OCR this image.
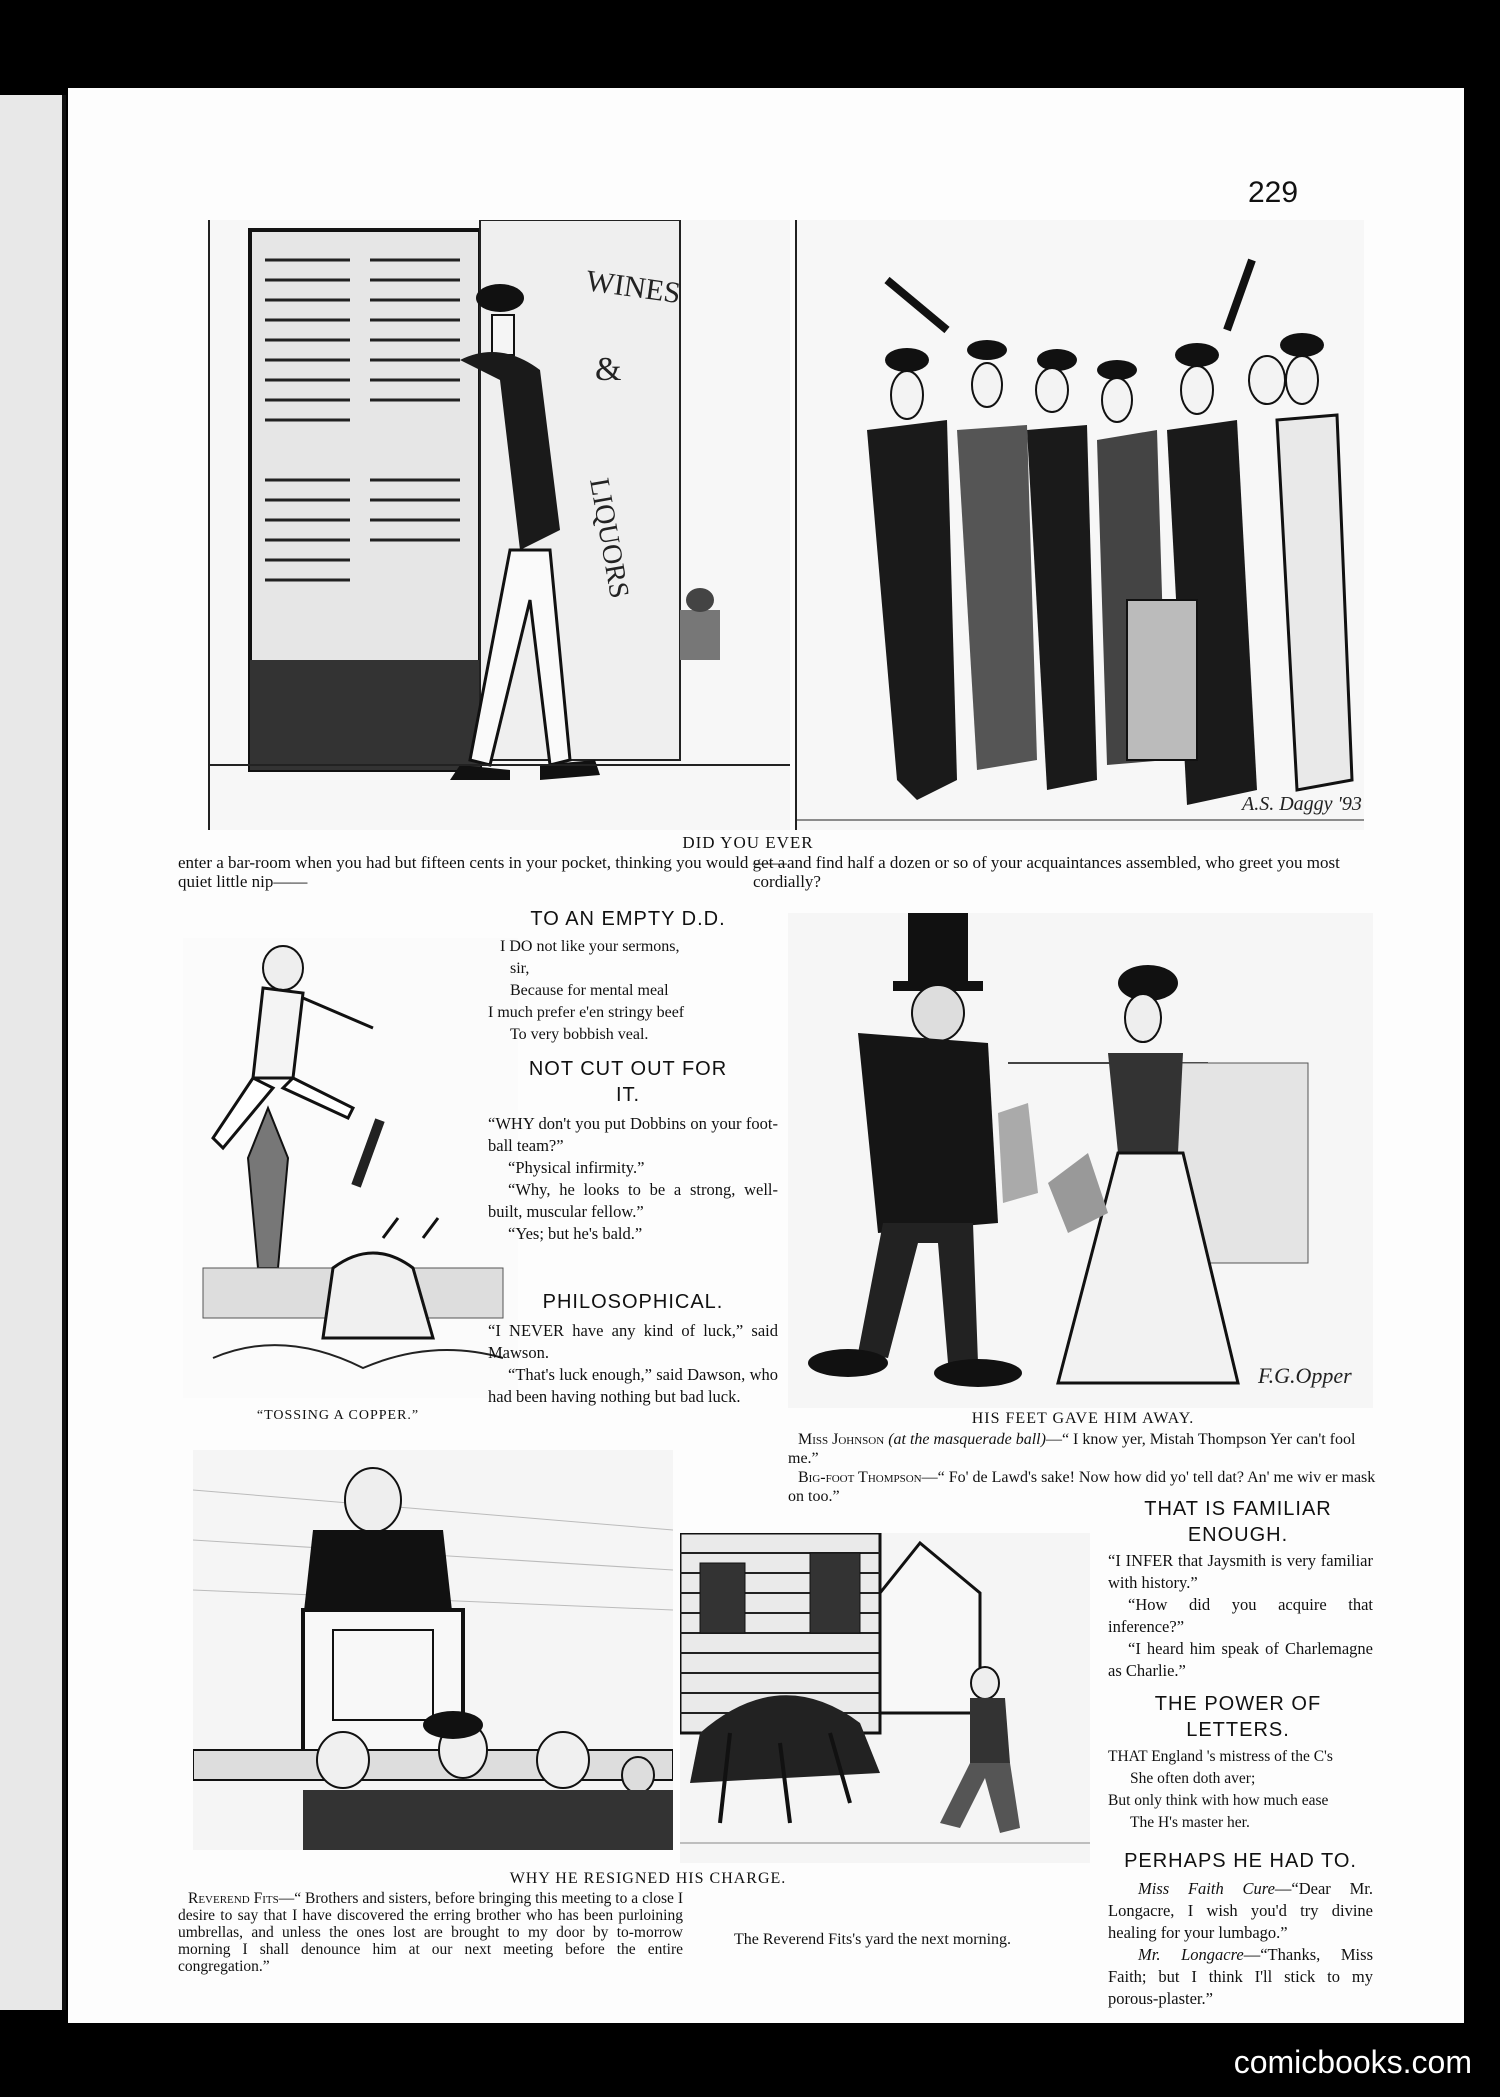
229
WINES
&
LIQUORS
A.S. Daggy '93
DID YOU EVER
enter a bar-room when you had but fifteen cents in your pocket, thinking you would get a quiet little nip——
——and find half a dozen or so of your acquaintances assembled, who greet you most cordially?
“TOSSING A COPPER.”
TO AN EMPTY D.D.
I DO not like your sermons,
sir,
Because for mental meal
I much prefer e'en stringy beef
To very bobbish veal.
NOT CUT OUT FOR IT.

“WHY don't you put Dobbins on your foot-ball team?”

“Physical infirmity.”

“Why, he looks to be a strong, well-built, muscular fellow.”

“Yes; but he's bald.”

PHILOSOPHICAL.

“I NEVER have any kind of luck,” said Mawson.

“That's luck enough,” said Dawson, who had been having nothing but bad luck.

F.G.Opper
HIS FEET GAVE HIM AWAY.
Miss Johnson (at the masquerade ball)—“ I know yer, Mistah Thompson Yer can't fool me.”
Big-foot Thompson—“ Fo' de Lawd's sake! Now how did yo' tell dat? An' me wiv er mask on too.”
THAT IS FAMILIAR ENOUGH.

“I INFER that Jaysmith is very familiar with history.”

“How did you acquire that inference?”

“I heard him speak of Charlemagne as Charlie.”

THE POWER OF LETTERS.
THAT England 's mistress of the C's
She often doth aver;
But only think with how much ease
The H's master her.
PERHAPS HE HAD TO.

Miss Faith Cure—“Dear Mr. Longacre, I wish you'd try divine healing for your lumbago.”

Mr. Longacre—“Thanks, Miss Faith; but I think I'll stick to my porous-plaster.”

WHY HE RESIGNED HIS CHARGE.
Reverend Fits—“ Brothers and sisters, before bringing this meeting to a close I desire to say that I have discovered the erring brother who has been purloining umbrellas, and unless the ones lost are brought to my door by to-morrow morning I shall denounce him at our next meeting before the entire congregation.”
The Reverend Fits's yard the next morning.
comicbooks.com
